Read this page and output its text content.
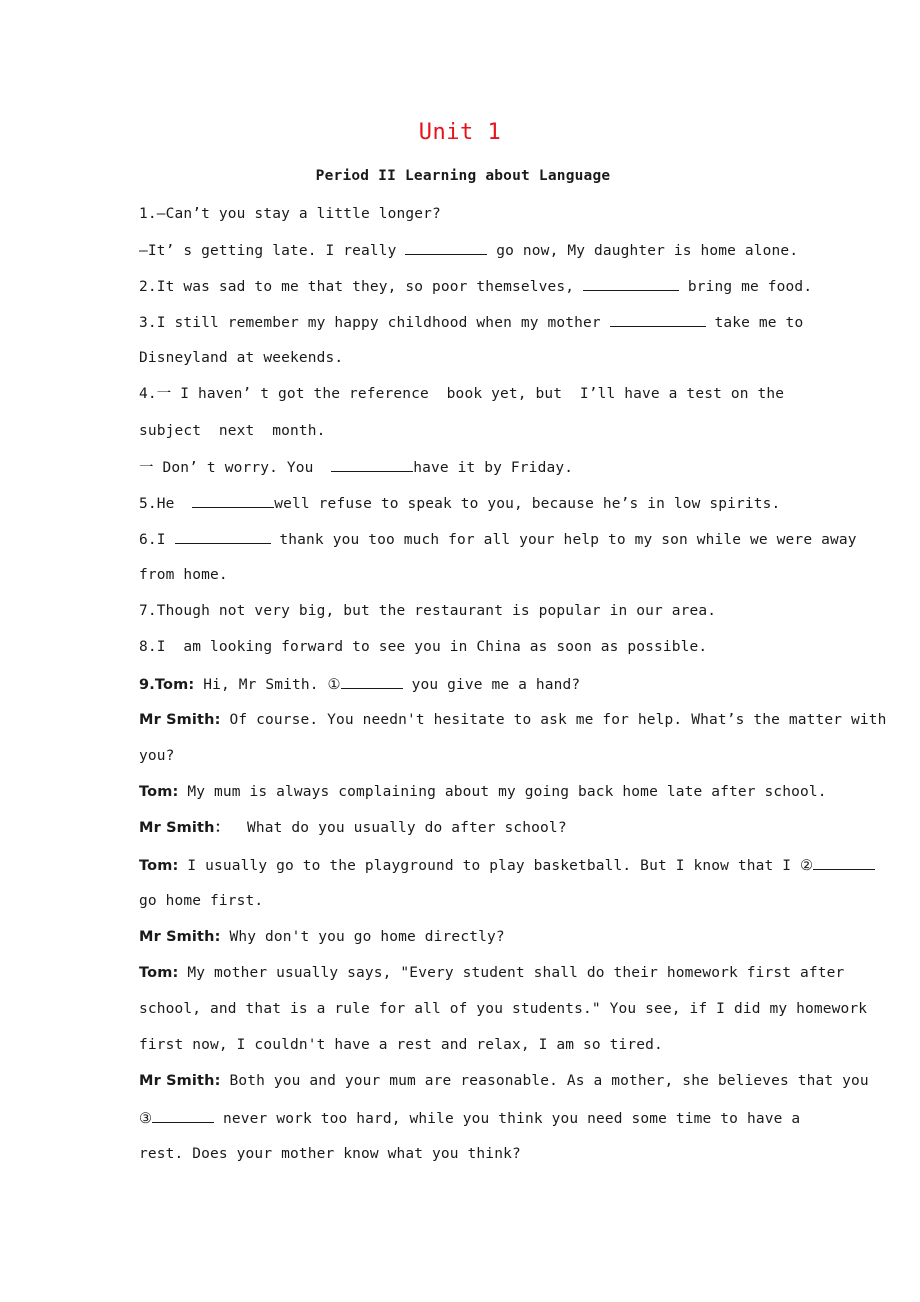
Unit 1
Period II Learning about Language
1.—Can’t you stay a little longer?
—It’ s getting late. I really	go now, My daughter is home alone.
2.It was sad to me that they, so poor themselves,	bring me food.
3.I still remember my happy childhood when my mother	take me to
Disneyland at weekends.
4.一 I haven’ t got the reference  book yet, but  I’ll have a test on the
subject  next  month.
一 Don’ t worry. You	have it by Friday.
5.He	well refuse to speak to you, because he’s in low spirits.
6.I	thank you too much for all your help to my son while we were away
from home.
7.Though not very big, but the restaurant is popular in our area.
8.I  am looking forward to see you in China as soon as possible.
9.Tom: Hi, Mr Smith. ①	you give me a hand?
Mr Smith: Of course. You needn't hesitate to ask me for help. What’s the matter with
you?
Tom: My mum is always complaining about my going back home late after school.
Mr Smith：  What do you usually do after school?
Tom: I usually go to the playground to play basketball. But I know that I ②
go home first.
Mr Smith: Why don't you go home directly?
Tom: My mother usually says, "Every student shall do their homework first after
school, and that is a rule for all of you students." You see, if I did my homework
first now, I couldn't have a rest and relax, I am so tired.
Mr Smith: Both you and your mum are reasonable. As a mother, she believes that you
③	never work too hard, while you think you need some time to have a
rest. Does your mother know what you think?
